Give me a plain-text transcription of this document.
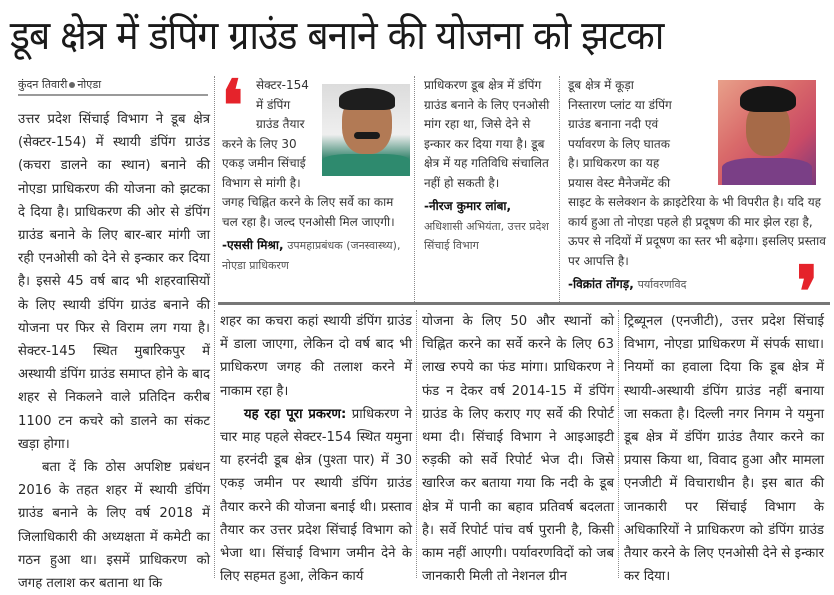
डूब क्षेत्र में डंपिंग ग्राउंड बनाने की योजना को झटका
कुंदन तिवारी नोएडा

उत्तर प्रदेश सिंचाई विभाग ने डूब क्षेत्र (सेक्टर-154) में स्थायी डंपिंग ग्राउंड (कचरा डालने का स्थान) बनाने की नोएडा प्राधिकरण की योजना को झटका दे दिया है। प्राधिकरण की ओर से डंपिंग ग्राउंड बनाने के लिए बार-बार मांगी जा रही एनओसी को देने से इन्कार कर दिया है। इससे 45 वर्ष बाद भी शहरवासियों के लिए स्थायी डंपिंग ग्राउंड बनाने की योजना पर फिर से विराम लग गया है। सेक्टर-145 स्थित मुबारिकपुर में अस्थायी डंपिंग ग्राउंड समाप्त होने के बाद शहर से निकलने वाले प्रतिदिन करीब 1100 टन कचरे को डालने का संकट खड़ा होगा।

बता दें कि ठोस अपशिष्ट प्रबंधन 2016 के तहत शहर में स्थायी डंपिंग ग्राउंड बनाने के लिए वर्ष 2018 में जिलाधिकारी की अध्यक्षता में कमेटी का गठन हुआ था। इसमें प्राधिकरण को जगह तलाश कर बताना था कि

❛	सेक्टर-154 में डंपिंग ग्राउंड तैयार करने के लिए 30 एकड़ जमीन सिंचाई विभाग से मांगी है। जगह चिह्नित करने के लिए सर्वे का काम चल रहा है। जल्द एनओसी मिल जाएगी।

-एससी मिश्रा, उपमहाप्रबंधक (जनस्वास्थ्य), नोएडा प्राधिकरण

प्राधिकरण डूब क्षेत्र में डंपिंग ग्राउंड बनाने के लिए एनओसी मांग रहा था, जिसे देने से इन्कार कर दिया गया है। डूब क्षेत्र में यह गतिविधि संचालित नहीं हो सकती है।

-नीरज कुमार लांबा,
अधिशासी अभियंता, उत्तर प्रदेश सिंचाई विभाग

डूब क्षेत्र में कूड़ा निस्तारण प्लांट या डंपिंग ग्राउंड बनाना नदी एवं पर्यावरण के लिए घातक है। प्राधिकरण का यह प्रयास वेस्ट मैनेजमेंट की साइट के सलेक्शन के क्राइटेरिया के भी विपरीत है। यदि यह कार्य हुआ तो नोएडा पहले ही प्रदूषण की मार झेल रहा है, ऊपर से नदियों में प्रदूषण का स्तर भी बढ़ेगा। इसलिए प्रस्ताव पर आपत्ति है।

-विक्रांत तोंगड़, पर्यावरणविद	❜

शहर का कचरा कहां स्थायी डंपिंग ग्राउंड में डाला जाएगा, लेकिन दो वर्ष बाद भी प्राधिकरण जगह की तलाश करने में नाकाम रहा है।

यह रहा पूरा प्रकरण: प्राधिकरण ने चार माह पहले सेक्टर-154 स्थित यमुना या हरनंदी डूब क्षेत्र (पुश्ता पार) में 30 एकड़ जमीन पर स्थायी डंपिंग ग्राउंड तैयार करने की योजना बनाई थी। प्रस्ताव तैयार कर उत्तर प्रदेश सिंचाई विभाग को भेजा था। सिंचाई विभाग जमीन देने के लिए सहमत हुआ, लेकिन कार्य

योजना के लिए 50 और स्थानों को चिह्नित करने का सर्वे करने के लिए 63 लाख रुपये का फंड मांगा। प्राधिकरण ने फंड न देकर वर्ष 2014-15 में डंपिंग ग्राउंड के लिए कराए गए सर्वे की रिपोर्ट थमा दी। सिंचाई विभाग ने आइआइटी रुड़की को सर्वे रिपोर्ट भेज दी। जिसे खारिज कर बताया गया कि नदी के डूब क्षेत्र में पानी का बहाव प्रतिवर्ष बदलता है। सर्वे रिपोर्ट पांच वर्ष पुरानी है, किसी काम नहीं आएगी। पर्यावरणविदों को जब जानकारी मिली तो नेशनल ग्रीन

ट्रिब्यूनल (एनजीटी), उत्तर प्रदेश सिंचाई विभाग, नोएडा प्राधिकरण में संपर्क साधा। नियमों का हवाला दिया कि डूब क्षेत्र में स्थायी-अस्थायी डंपिंग ग्राउंड नहीं बनाया जा सकता है। दिल्ली नगर निगम ने यमुना डूब क्षेत्र में डंपिंग ग्राउंड तैयार करने का प्रयास किया था, विवाद हुआ और मामला एनजीटी में विचाराधीन है। इस बात की जानकारी पर सिंचाई विभाग के अधिकारियों ने प्राधिकरण को डंपिंग ग्राउंड तैयार करने के लिए एनओसी देने से इन्कार कर दिया।
